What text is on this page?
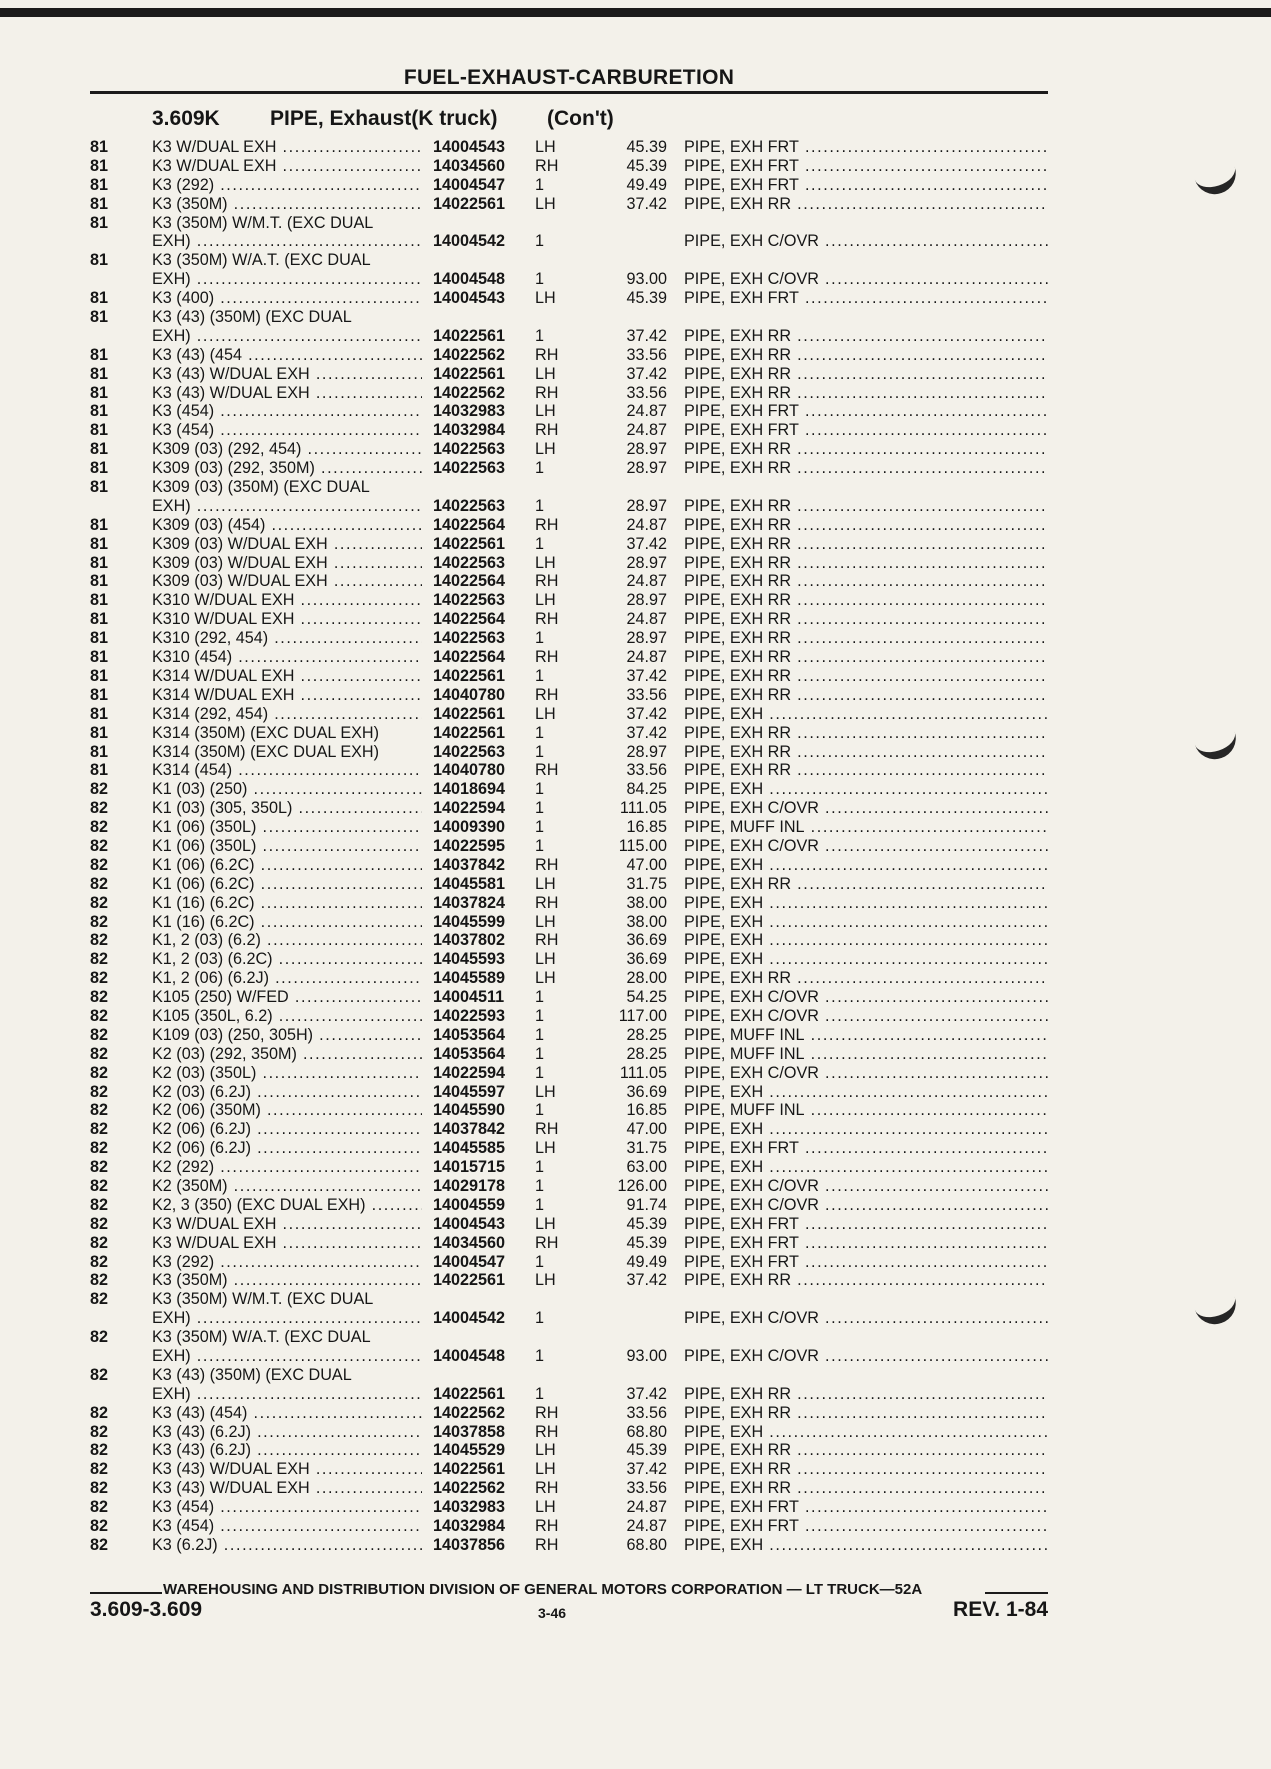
FUEL-EXHAUST-CARBURETION
3.609K PIPE, Exhaust(K truck) (Con't)
81	K3 W/DUAL EXH .....	14004543 LH	45.39 PIPE, EXH FRT .....
81	K3 W/DUAL EXH .....	14034560 RH	45.39 PIPE, EXH FRT .....
81	K3 (292) .....	14004547 1	49.49 PIPE, EXH FRT .....
81	K3 (350M) .....	14022561 LH	37.42 PIPE, EXH RR .....
81	K3 (350M) W/M.T. (EXC DUAL
EXH) .....	14004542 1	PIPE, EXH C/OVR .....
81	K3 (350M) W/A.T. (EXC DUAL
EXH) .....	14004548 1	93.00 PIPE, EXH C/OVR .....
81	K3 (400) .....	14004543 LH	45.39 PIPE, EXH FRT .....
81	K3 (43) (350M) (EXC DUAL
EXH) .....	14022561 1	37.42 PIPE, EXH RR .....
81	K3 (43) (454 .....	14022562 RH	33.56 PIPE, EXH RR .....
81	K3 (43) W/DUAL EXH .....	14022561 LH	37.42 PIPE, EXH RR .....
81	K3 (43) W/DUAL EXH .....	14022562 RH	33.56 PIPE, EXH RR .....
81	K3 (454) .....	14032983 LH	24.87 PIPE, EXH FRT .....
81	K3 (454) .....	14032984 RH	24.87 PIPE, EXH FRT .....
81	K309 (03) (292, 454) .....	14022563 LH	28.97 PIPE, EXH RR .....
81	K309 (03) (292, 350M) .....	14022563 1	28.97 PIPE, EXH RR .....
81	K309 (03) (350M) (EXC DUAL
EXH) .....	14022563 1	28.97 PIPE, EXH RR .....
81	K309 (03) (454) .....	14022564 RH	24.87 PIPE, EXH RR .....
81	K309 (03) W/DUAL EXH .....	14022561 1	37.42 PIPE, EXH RR .....
81	K309 (03) W/DUAL EXH .....	14022563 LH	28.97 PIPE, EXH RR .....
81	K309 (03) W/DUAL EXH .....	14022564 RH	24.87 PIPE, EXH RR .....
81	K310 W/DUAL EXH .....	14022563 LH	28.97 PIPE, EXH RR .....
81	K310 W/DUAL EXH .....	14022564 RH	24.87 PIPE, EXH RR .....
81	K310 (292, 454) .....	14022563 1	28.97 PIPE, EXH RR .....
81	K310 (454) .....	14022564 RH	24.87 PIPE, EXH RR .....
81	K314 W/DUAL EXH .....	14022561 1	37.42 PIPE, EXH RR .....
81	K314 W/DUAL EXH .....	14040780 RH	33.56 PIPE, EXH RR .....
81	K314 (292, 454) .....	14022561 LH	37.42 PIPE, EXH .....
81	K314 (350M) (EXC DUAL EXH)	14022561 1	37.42 PIPE, EXH RR .....
81	K314 (350M) (EXC DUAL EXH)	14022563 1	28.97 PIPE, EXH RR .....
81	K314 (454) .....	14040780 RH	33.56 PIPE, EXH RR .....
82	K1 (03) (250) .....	14018694 1	84.25 PIPE, EXH .....
82	K1 (03) (305, 350L) .....	14022594 1	111.05 PIPE, EXH C/OVR .....
82	K1 (06) (350L) .....	14009390 1	16.85 PIPE, MUFF INL .....
82	K1 (06) (350L) .....	14022595 1	115.00 PIPE, EXH C/OVR .....
82	K1 (06) (6.2C) .....	14037842 RH	47.00 PIPE, EXH .....
82	K1 (06) (6.2C) .....	14045581 LH	31.75 PIPE, EXH RR .....
82	K1 (16) (6.2C) .....	14037824 RH	38.00 PIPE, EXH .....
82	K1 (16) (6.2C) .....	14045599 LH	38.00 PIPE, EXH .....
82	K1, 2 (03) (6.2) .....	14037802 RH	36.69 PIPE, EXH .....
82	K1, 2 (03) (6.2C) .....	14045593 LH	36.69 PIPE, EXH .....
82	K1, 2 (06) (6.2J) .....	14045589 LH	28.00 PIPE, EXH RR .....
82	K105 (250) W/FED .....	14004511 1	54.25 PIPE, EXH C/OVR .....
82	K105 (350L, 6.2) .....	14022593 1	117.00 PIPE, EXH C/OVR .....
82	K109 (03) (250, 305H) .....	14053564 1	28.25 PIPE, MUFF INL .....
82	K2 (03) (292, 350M) .....	14053564 1	28.25 PIPE, MUFF INL .....
82	K2 (03) (350L) .....	14022594 1	111.05 PIPE, EXH C/OVR .....
82	K2 (03) (6.2J) .....	14045597 LH	36.69 PIPE, EXH .....
82	K2 (06) (350M) .....	14045590 1	16.85 PIPE, MUFF INL .....
82	K2 (06) (6.2J) .....	14037842 RH	47.00 PIPE, EXH .....
82	K2 (06) (6.2J) .....	14045585 LH	31.75 PIPE, EXH FRT .....
82	K2 (292) .....	14015715 1	63.00 PIPE, EXH .....
82	K2 (350M) .....	14029178 1	126.00 PIPE, EXH C/OVR .....
82	K2, 3 (350) (EXC DUAL EXH) .....	14004559 1	91.74 PIPE, EXH C/OVR .....
82	K3 W/DUAL EXH .....	14004543 LH	45.39 PIPE, EXH FRT .....
82	K3 W/DUAL EXH .....	14034560 RH	45.39 PIPE, EXH FRT .....
82	K3 (292) .....	14004547 1	49.49 PIPE, EXH FRT .....
82	K3 (350M) .....	14022561 LH	37.42 PIPE, EXH RR .....
82	K3 (350M) W/M.T. (EXC DUAL
EXH) .....	14004542 1	PIPE, EXH C/OVR .....
82	K3 (350M) W/A.T. (EXC DUAL
EXH) .....	14004548 1	93.00 PIPE, EXH C/OVR .....
82	K3 (43) (350M) (EXC DUAL
EXH) .....	14022561 1	37.42 PIPE, EXH RR .....
82	K3 (43) (454) .....	14022562 RH	33.56 PIPE, EXH RR .....
82	K3 (43) (6.2J) .....	14037858 RH	68.80 PIPE, EXH .....
82	K3 (43) (6.2J) .....	14045529 LH	45.39 PIPE, EXH RR .....
82	K3 (43) W/DUAL EXH .....	14022561 LH	37.42 PIPE, EXH RR .....
82	K3 (43) W/DUAL EXH .....	14022562 RH	33.56 PIPE, EXH RR .....
82	K3 (454) .....	14032983 LH	24.87 PIPE, EXH FRT .....
82	K3 (454) .....	14032984 RH	24.87 PIPE, EXH FRT .....
82	K3 (6.2J) .....	14037856 RH	68.80 PIPE, EXH .....
WAREHOUSING AND DISTRIBUTION DIVISION OF GENERAL MOTORS CORPORATION — LT TRUCK—52A
3.609-3.609	3-46	REV. 1-84
